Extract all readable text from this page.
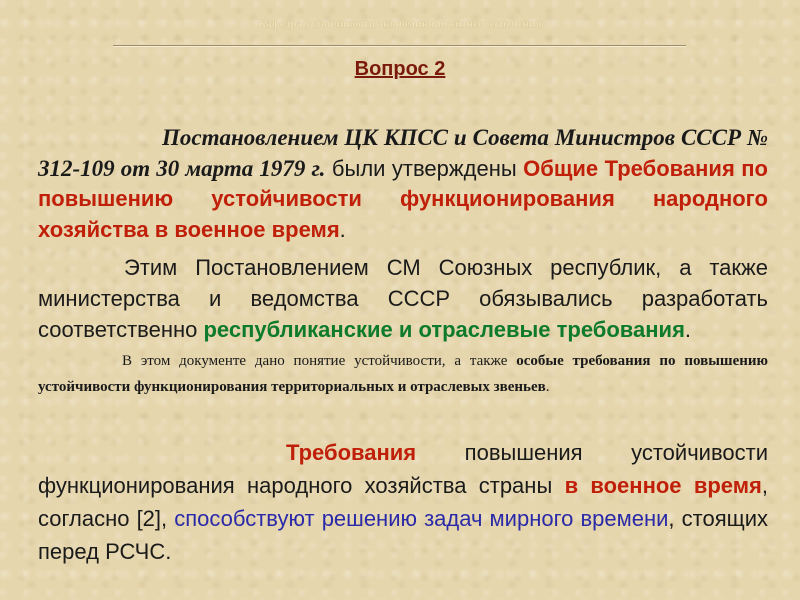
Кафедра устойчивости экономики и жизнеобеспечения
Вопрос 2

Постановлением ЦК КПСС и Совета Министров СССР № 312-109 от 30 марта 1979 г. были утверждены Общие Требования по повышению устойчивости функционирования народного хозяйства в военное время.

Этим Постановлением СМ Союзных республик, а также министерства и ведомства СССР обязывались разработать соответственно республиканские и отраслевые требования.

В этом документе дано понятие устойчивости, а также особые требования по повышению устойчивости функционирования территориальных и отраслевых звеньев.

Требования повышения устойчивости функционирования народного хозяйства страны в военное время, согласно [2], способствуют решению задач мирного времени, стоящих перед РСЧС.
